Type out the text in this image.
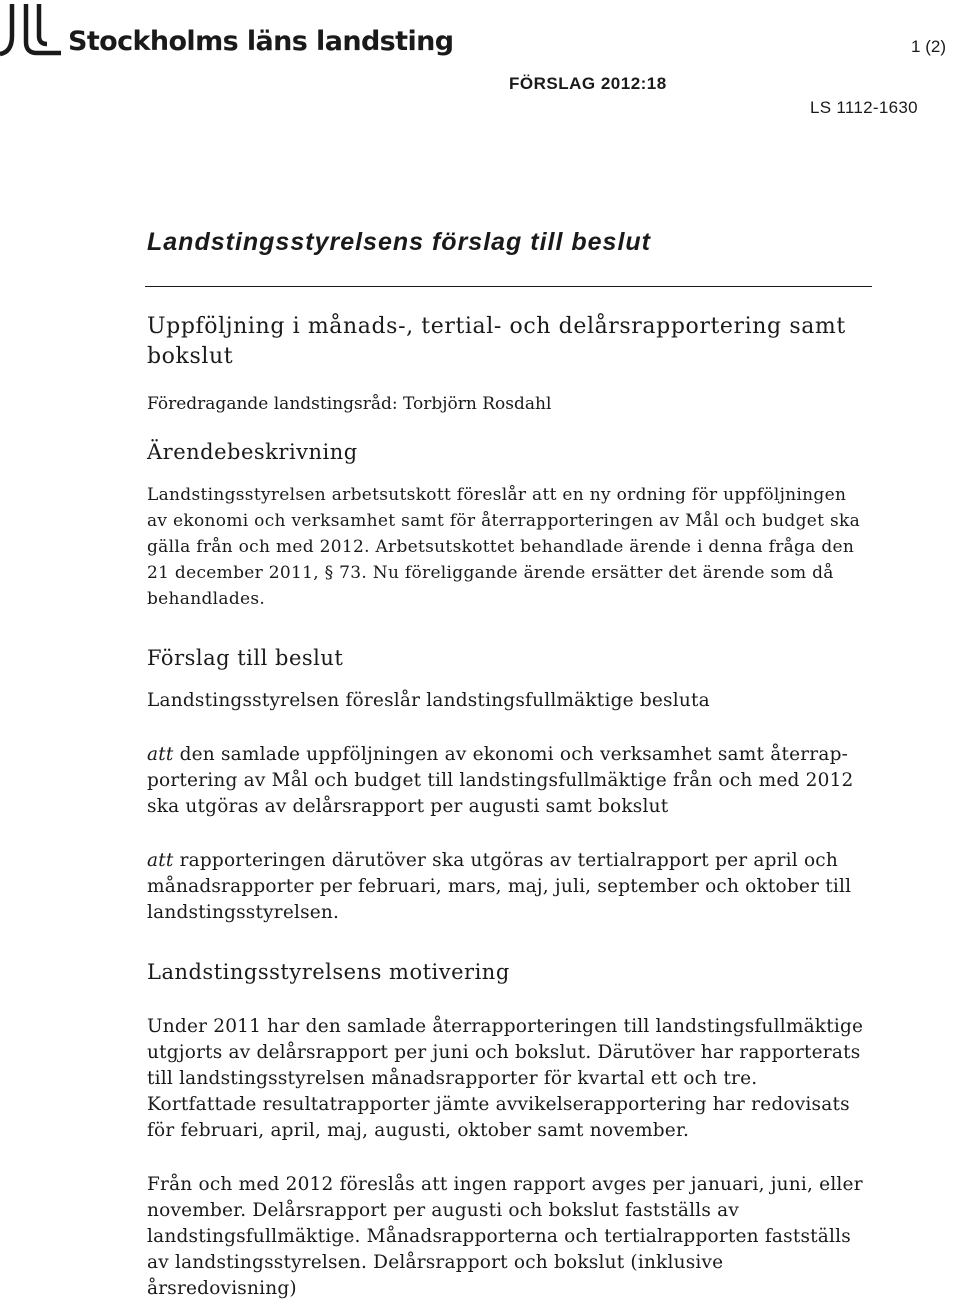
Stockholms läns landsting	1 (2)
FÖRSLAG 2012:18
LS 1112-1630
Landstingsstyrelsens förslag till beslut
Uppföljning i månads-, tertial- och delårsrapportering samt
bokslut

Föredragande landstingsråd: Torbjörn Rosdahl

Ärendebeskrivning

Landstingsstyrelsen arbetsutskott föreslår att en ny ordning för uppföljningen av ekonomi och verksamhet samt för återrapporteringen av Mål och budget ska gälla från och med 2012. Arbetsutskottet behandlade ärende i denna fråga den 21 december 2011, § 73. Nu föreliggande ärende ersätter det ärende som då behandlades.

Förslag till beslut

Landstingsstyrelsen föreslår landstingsfullmäktige besluta

att den samlade uppföljningen av ekonomi och verksamhet samt återrapportering av Mål och budget till landstingsfullmäktige från och med 2012 ska utgöras av delårsrapport per augusti samt bokslut

att rapporteringen därutöver ska utgöras av tertialrapport per april och månadsrapporter per februari, mars, maj, juli, september och oktober till landstingsstyrelsen.

Landstingsstyrelsens motivering

Under 2011 har den samlade återrapporteringen till landstingsfullmäktige utgjorts av delårsrapport per juni och bokslut. Därutöver har rapporterats till landstingsstyrelsen månadsrapporter för kvartal ett och tre. Kortfattade resultatrapporter jämte avvikelserapportering har redovisats för februari, april, maj, augusti, oktober samt november.

Från och med 2012 föreslås att ingen rapport avges per januari, juni, eller november. Delårsrapport per augusti och bokslut fastställs av landstingsfullmäktige. Månadsrapporterna och tertialrapporten fastställs av landstingsstyrelsen. Delårsrapport och bokslut (inklusive årsredovisning)
